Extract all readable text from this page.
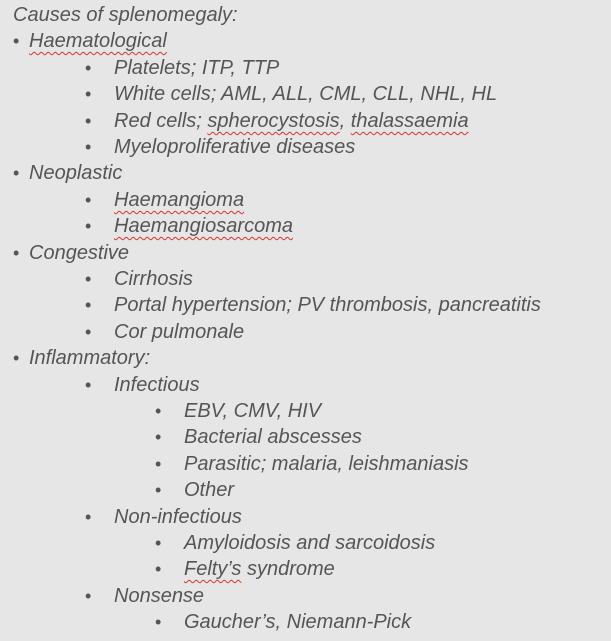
Causes of splenomegaly:
• Haematological
• Platelets; ITP, TTP
• White cells; AML, ALL, CML, CLL, NHL, HL
• Red cells; spherocystosis, thalassaemia
• Myeloproliferative diseases
• Neoplastic
• Haemangioma
• Haemangiosarcoma
• Congestive
• Cirrhosis
• Portal hypertension; PV thrombosis, pancreatitis
• Cor pulmonale
• Inflammatory:
• Infectious
• EBV, CMV, HIV
• Bacterial abscesses
• Parasitic; malaria, leishmaniasis
• Other
• Non-infectious
• Amyloidosis and sarcoidosis
• Felty’s syndrome
• Nonsense
• Gaucher’s, Niemann-Pick
